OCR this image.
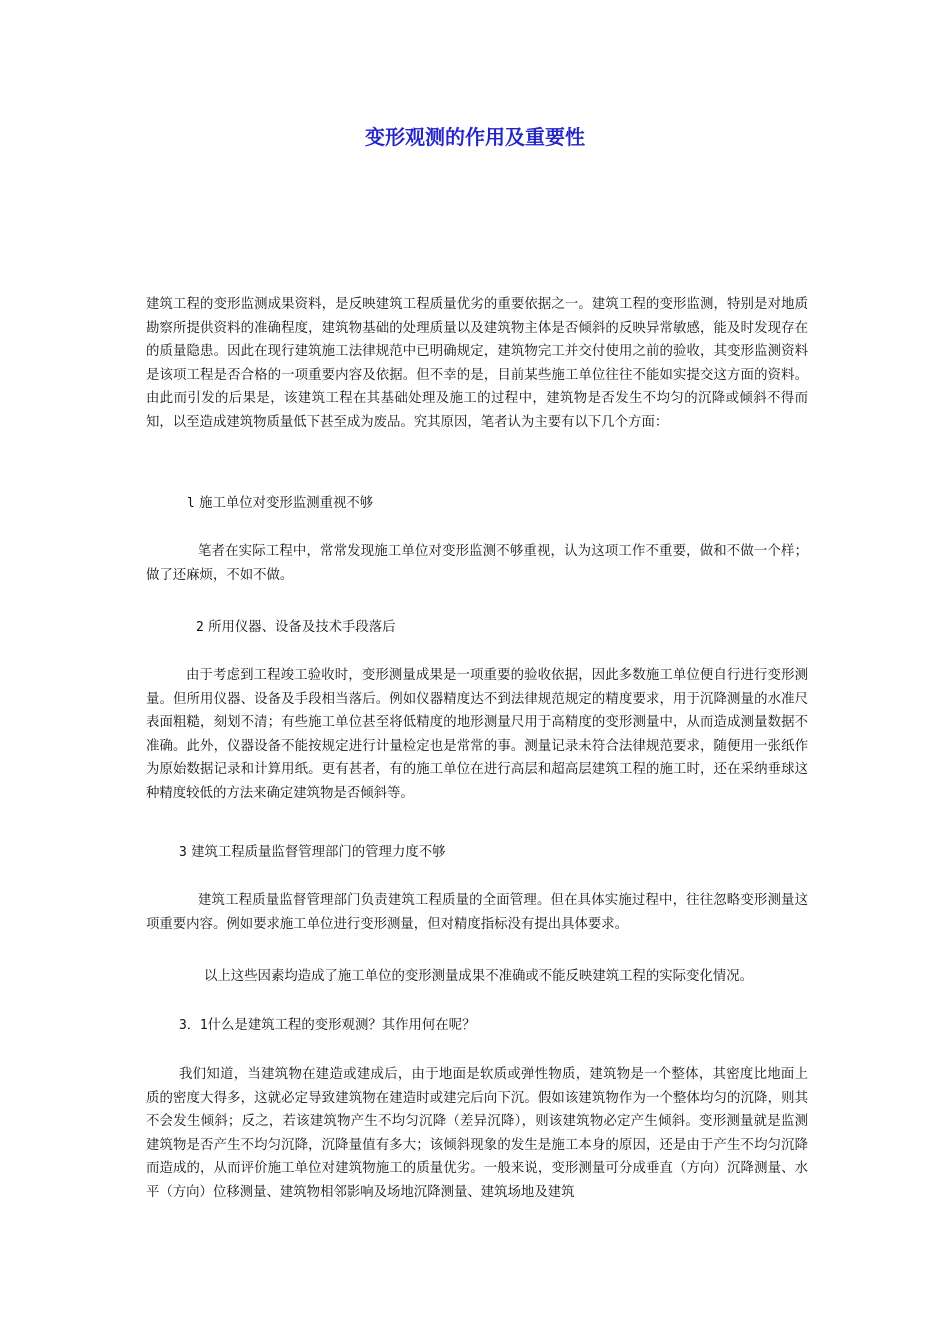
变形观测的作用及重要性

建筑工程的变形监测成果资料，是反映建筑工程质量优劣的重要依据之一。建筑工程的变形监测，特别是对地质勘察所提供资料的准确程度，建筑物基础的处理质量以及建筑物主体是否倾斜的反映异常敏感，能及时发现存在的质量隐患。因此在现行建筑施工法律规范中已明确规定，建筑物完工并交付使用之前的验收，其变形监测资料是该项工程是否合格的一项重要内容及依据。但不幸的是，目前某些施工单位往往不能如实提交这方面的资料。由此而引发的后果是，该建筑工程在其基础处理及施工的过程中，建筑物是否发生不均匀的沉降或倾斜不得而知，以至造成建筑物质量低下甚至成为废品。究其原因，笔者认为主要有以下几个方面：

l 施工单位对变形监测重视不够

笔者在实际工程中，常常发现施工单位对变形监测不够重视，认为这项工作不重要，做和不做一个样；做了还麻烦，不如不做。

2 所用仪器、设备及技术手段落后

由于考虑到工程竣工验收时，变形测量成果是一项重要的验收依据，因此多数施工单位便自行进行变形测量。但所用仪器、设备及手段相当落后。例如仪器精度达不到法律规范规定的精度要求，用于沉降测量的水准尺表面粗糙，刻划不清；有些施工单位甚至将低精度的地形测量尺用于高精度的变形测量中，从而造成测量数据不准确。此外，仪器设备不能按规定进行计量检定也是常常的事。测量记录未符合法律规范要求，随便用一张纸作为原始数据记录和计算用纸。更有甚者，有的施工单位在进行高层和超高层建筑工程的施工时，还在采纳垂球这种精度较低的方法来确定建筑物是否倾斜等。

3 建筑工程质量监督管理部门的管理力度不够

建筑工程质量监督管理部门负责建筑工程质量的全面管理。但在具体实施过程中，往往忽略变形测量这项重要内容。例如要求施工单位进行变形测量，但对精度指标没有提出具体要求。

以上这些因素均造成了施工单位的变形测量成果不准确或不能反映建筑工程的实际变化情况。

3．1什么是建筑工程的变形观测？其作用何在呢？

我们知道，当建筑物在建造或建成后，由于地面是软质或弹性物质，建筑物是一个整体，其密度比地面上质的密度大得多，这就必定导致建筑物在建造时或建完后向下沉。假如该建筑物作为一个整体均匀的沉降，则其不会发生倾斜；反之，若该建筑物产生不均匀沉降（差异沉降），则该建筑物必定产生倾斜。变形测量就是监测建筑物是否产生不均匀沉降，沉降量值有多大；该倾斜现象的发生是施工本身的原因，还是由于产生不均匀沉降而造成的，从而评价施工单位对建筑物施工的质量优劣。一般来说，变形测量可分成垂直（方向）沉降测量、水平（方向）位移测量、建筑物相邻影响及场地沉降测量、建筑场地及建筑
